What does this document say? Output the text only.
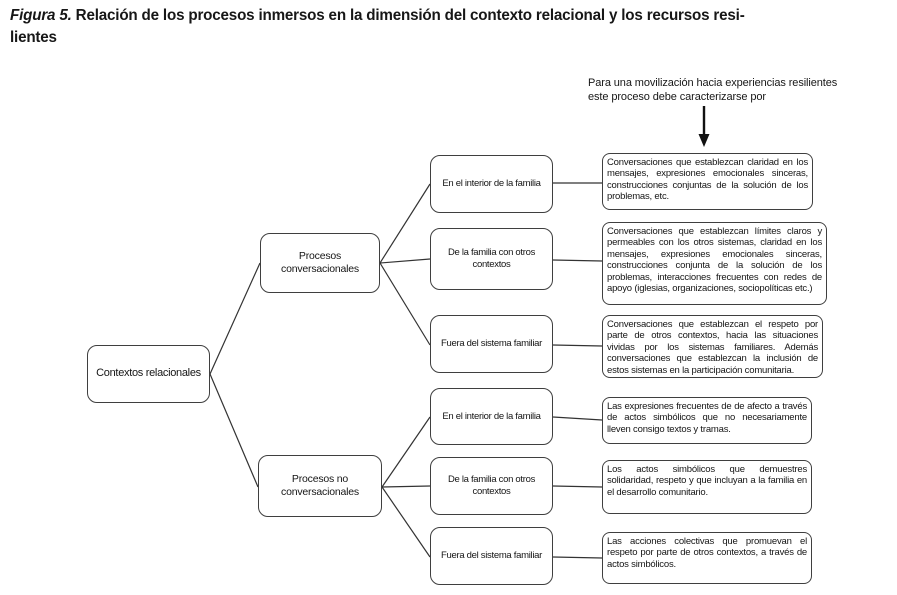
Figura 5. Relación de los procesos inmersos en la dimensión del contexto relacional y los recursos resi-
lientes
Para una movilización hacia experiencias resilientes este proceso debe caracterizarse por
Contextos relacionales
Procesos conversacionales
Procesos no conversacionales
En el interior de la familia
De la familia con otros contextos
Fuera del sistema familiar
En el interior de la familia
De la familia con otros contextos
Fuera del sistema familiar
Conversaciones que establezcan claridad en los mensajes, expresiones emocionales sinceras, construcciones conjuntas de la solución de los problemas, etc.
Conversaciones que establezcan límites claros y permeables con los otros sistemas, claridad en los mensajes, expresiones emocionales sinceras, construcciones conjunta de la solución de los problemas, interacciones frecuentes con redes de apoyo (iglesias, organizaciones, sociopolíticas etc.)
Conversaciones que establezcan el respeto por parte de otros contextos, hacia las situaciones vividas por los sistemas familiares. Además conversaciones que establezcan la inclusión de estos sistemas en la participación comunitaria.
Las expresiones frecuentes de de afecto a través de actos simbólicos que no necesariamente lleven consigo textos y tramas.
Los actos simbólicos que demuestres solidaridad, respeto y que incluyan a la familia en el desarrollo comunitario.
Las acciones colectivas que promuevan el respeto por parte de otros contextos, a través de actos simbólicos.
